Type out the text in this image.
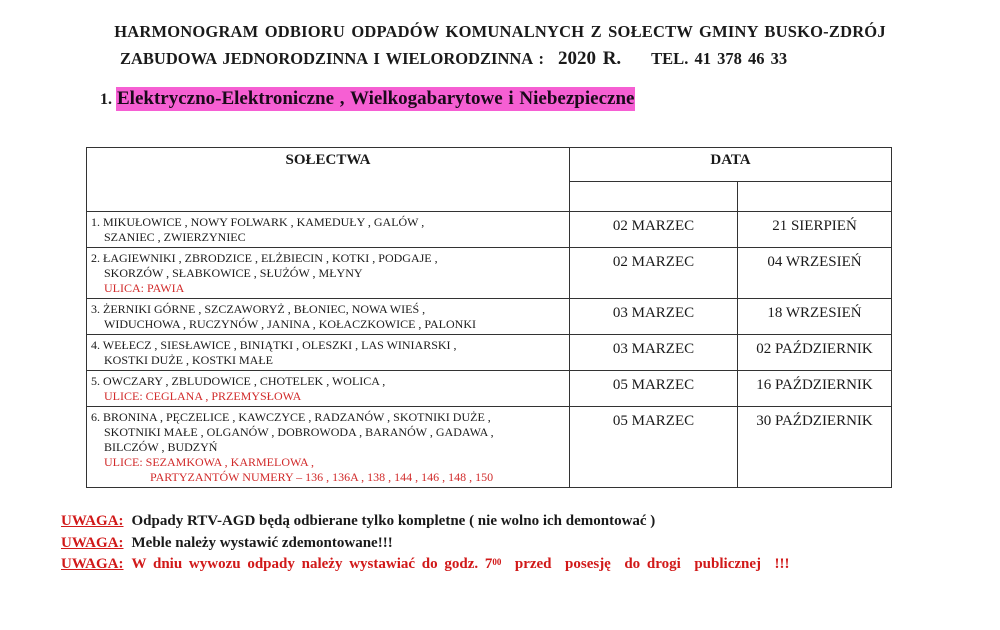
HARMONOGRAM ODBIORU ODPADÓW KOMUNALNYCH Z SOŁECTW GMINY BUSKO-ZDRÓJ
ZABUDOWA JEDNORODZINNA I WIELORODZINNA : 2020 R. TEL. 41 378 46 33
1. Elektryczno-Elektroniczne , Wielkogabarytowe i Niebezpieczne
SOŁECTWA	DATA	

1. MIKUŁOWICE , NOWY FOLWARK , KAMEDUŁY , GALÓW ,
SZANIEC , ZWIERZYNIEC	02 MARZEC	21 SIERPIEŃ
2. ŁAGIEWNIKI , ZBRODZICE , ELŻBIECIN , KOTKI , PODGAJE ,
SKORZÓW , SŁABKOWICE , SŁUŻÓW , MŁYNY
ULICA: PAWIA	02 MARZEC	04 WRZESIEŃ
3. ŻERNIKI GÓRNE , SZCZAWORYŻ , BŁONIEC, NOWA WIEŚ ,
WIDUCHOWA , RUCZYNÓW , JANINA , KOŁACZKOWICE , PALONKI	03 MARZEC	18 WRZESIEŃ
4. WEŁECZ , SIESŁAWICE , BINIĄTKI , OLESZKI , LAS WINIARSKI ,
KOSTKI DUŻE , KOSTKI MAŁE	03 MARZEC	02 PAŹDZIERNIK
5. OWCZARY , ZBLUDOWICE , CHOTELEK , WOLICA ,
ULICE: CEGLANA , PRZEMYSŁOWA	05 MARZEC	16 PAŹDZIERNIK
6. BRONINA , PĘCZELICE , KAWCZYCE , RADZANÓW , SKOTNIKI DUŻE ,
SKOTNIKI MAŁE , OLGANÓW , DOBROWODA , BARANÓW , GADAWA ,
BILCZÓW , BUDZYŃ
ULICE: SEZAMKOWA , KARMELOWA ,
PARTYZANTÓW NUMERY – 136 , 136A , 138 , 144 , 146 , 148 , 150	05 MARZEC	30 PAŹDZIERNIK
UWAGA: Odpady RTV-AGD będą odbierane tylko kompletne ( nie wolno ich demontować )
UWAGA: Meble należy wystawić zdemontowane!!!
UWAGA: W dniu wywozu odpady należy wystawiać do godz. $7^{00}$  przed  posesję  do drogi  publicznej  !!!
